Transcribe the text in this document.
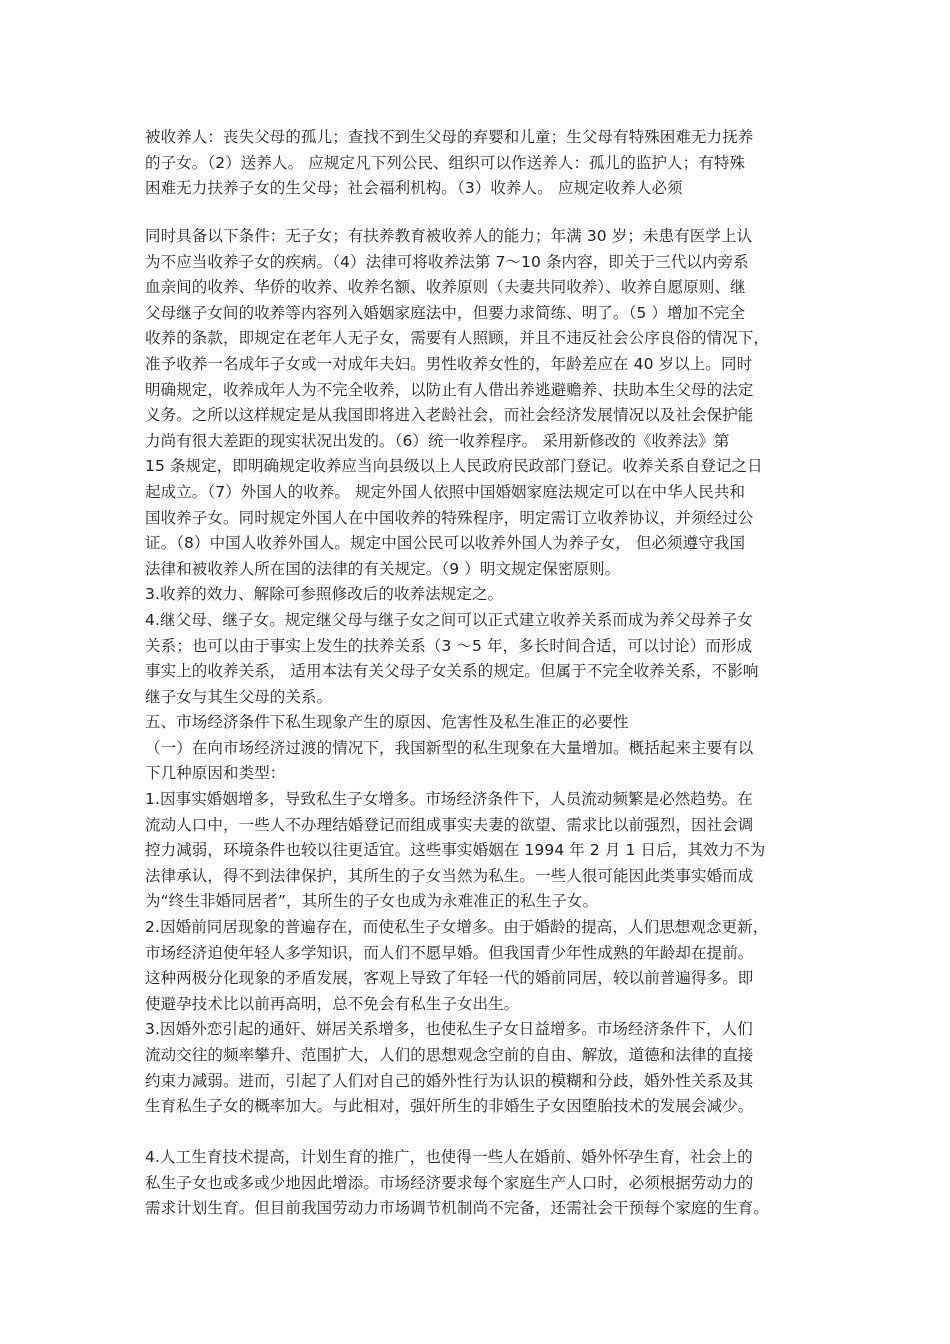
被收养人：丧失父母的孤儿；查找不到生父母的弃婴和儿童；生父母有特殊困难无力抚养
的子女。（2）送养人。 应规定凡下列公民、组织可以作送养人：孤儿的监护人；有特殊
困难无力扶养子女的生父母；社会福利机构。（3）收养人。 应规定收养人必须
同时具备以下条件：无子女；有扶养教育被收养人的能力；年满 30 岁；未患有医学上认
为不应当收养子女的疾病。（4）法律可将收养法第 7～10 条内容，即关于三代以内旁系
血亲间的收养、华侨的收养、收养名额、收养原则（夫妻共同收养）、收养自愿原则、继
父母继子女间的收养等内容列入婚姻家庭法中，但要力求简练、明了。（5 ）增加不完全
收养的条款，即规定在老年人无子女，需要有人照顾，并且不违反社会公序良俗的情况下，
准予收养一名成年子女或一对成年夫妇。男性收养女性的，年龄差应在 40 岁以上。同时
明确规定，收养成年人为不完全收养，以防止有人借出养逃避赡养、扶助本生父母的法定
义务。之所以这样规定是从我国即将进入老龄社会，而社会经济发展情况以及社会保护能
力尚有很大差距的现实状况出发的。（6）统一收养程序。 采用新修改的《收养法》第
15 条规定，即明确规定收养应当向县级以上人民政府民政部门登记。收养关系自登记之日
起成立。（7）外国人的收养。 规定外国人依照中国婚姻家庭法规定可以在中华人民共和
国收养子女。同时规定外国人在中国收养的特殊程序，明定需订立收养协议，并须经过公
证。（8）中国人收养外国人。规定中国公民可以收养外国人为养子女， 但必须遵守我国
法律和被收养人所在国的法律的有关规定。（9 ）明文规定保密原则。
3.收养的效力、解除可参照修改后的收养法规定之。
4.继父母、继子女。规定继父母与继子女之间可以正式建立收养关系而成为养父母养子女
关系；也可以由于事实上发生的扶养关系（3 ～5 年，多长时间合适，可以讨论）而形成
事实上的收养关系， 适用本法有关父母子女关系的规定。但属于不完全收养关系，不影响
继子女与其生父母的关系。
五、市场经济条件下私生现象产生的原因、危害性及私生准正的必要性
（一）在向市场经济过渡的情况下，我国新型的私生现象在大量增加。概括起来主要有以
下几种原因和类型：
1.因事实婚姻增多，导致私生子女增多。市场经济条件下，人员流动频繁是必然趋势。在
流动人口中，一些人不办理结婚登记而组成事实夫妻的欲望、需求比以前强烈，因社会调
控力减弱，环境条件也较以往更适宜。这些事实婚姻在 1994 年 2 月 1 日后，其效力不为
法律承认，得不到法律保护，其所生的子女当然为私生。一些人很可能因此类事实婚而成
为“终生非婚同居者”，其所生的子女也成为永难准正的私生子女。
2.因婚前同居现象的普遍存在，而使私生子女增多。由于婚龄的提高，人们思想观念更新，
市场经济迫使年轻人多学知识，而人们不愿早婚。但我国青少年性成熟的年龄却在提前。
这种两极分化现象的矛盾发展，客观上导致了年轻一代的婚前同居，较以前普遍得多。即
使避孕技术比以前再高明，总不免会有私生子女出生。
3.因婚外恋引起的通奸、姘居关系增多，也使私生子女日益增多。市场经济条件下，人们
流动交往的频率攀升、范围扩大，人们的思想观念空前的自由、解放，道德和法律的直接
约束力减弱。进而，引起了人们对自己的婚外性行为认识的模糊和分歧，婚外性关系及其
生育私生子女的概率加大。与此相对，强奸所生的非婚生子女因堕胎技术的发展会减少。
4.人工生育技术提高，计划生育的推广，也使得一些人在婚前、婚外怀孕生育，社会上的
私生子女也或多或少地因此增添。市场经济要求每个家庭生产人口时，必须根据劳动力的
需求计划生育。但目前我国劳动力市场调节机制尚不完备，还需社会干预每个家庭的生育。
